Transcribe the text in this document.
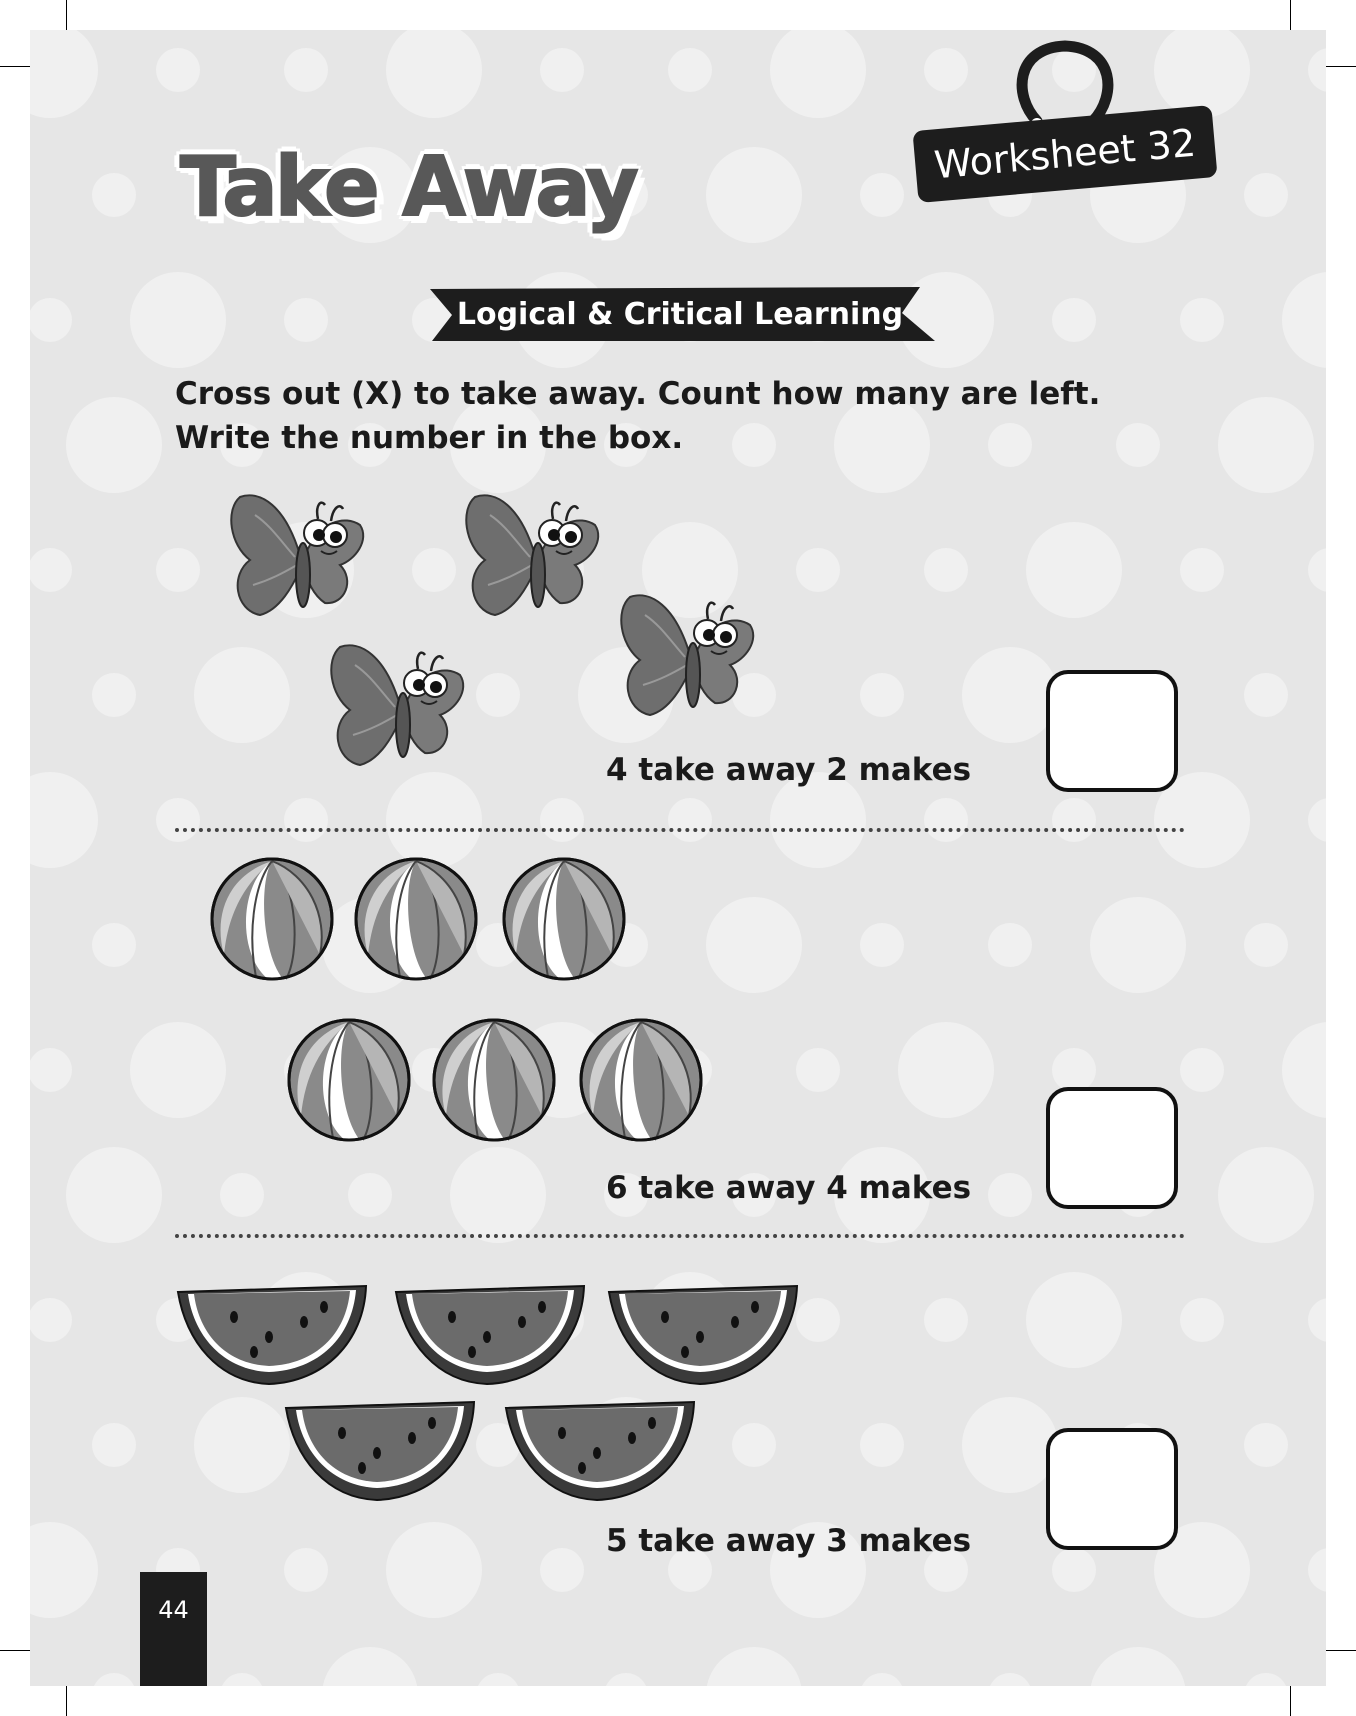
Take Away	Worksheet 32
Logical & Critical Learning
Cross out (X) to take away. Count how many are left. Write the number in the box.
4 take away 2 makes
6 take away 4 makes
5 take away 3 makes
44
